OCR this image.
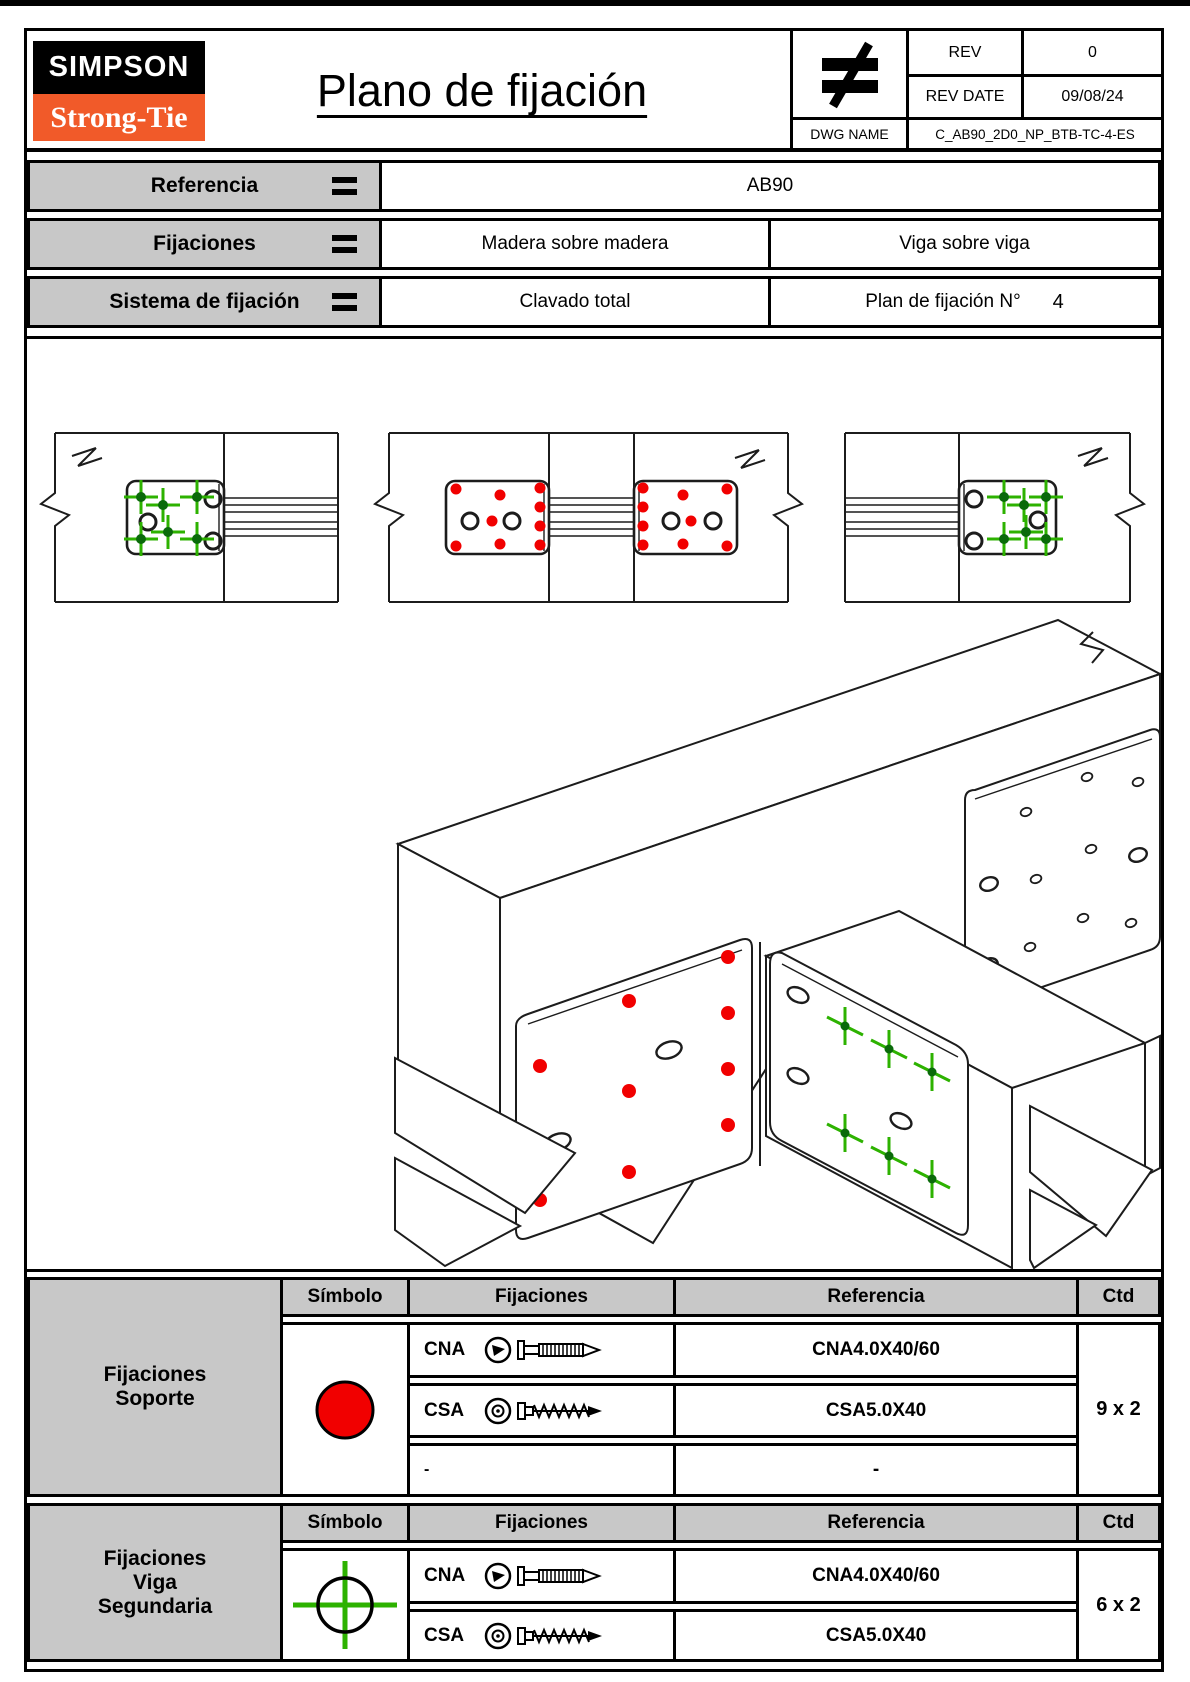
SIMPSON
Strong-Tie
Plano de fijación
REV	0
REV DATE	09/08/24
DWG NAME	C_AB90_2D0_NP_BTB-TC-4-ES
Referencia	AB90
Fijaciones	Madera sobre madera	Viga sobre viga
Sistema de fijación	Clavado total	Plan de fijación N° 4
Fijaciones
Soporte
Símbolo	Fijaciones	Referencia	Ctd
CNA	CNA4.0X40/60
CSA	CSA5.0X40
-	-
9 x 2
Fijaciones
Viga
Segundaria
Símbolo	Fijaciones	Referencia	Ctd
CNA	CNA4.0X40/60
CSA	CSA5.0X40
6 x 2
